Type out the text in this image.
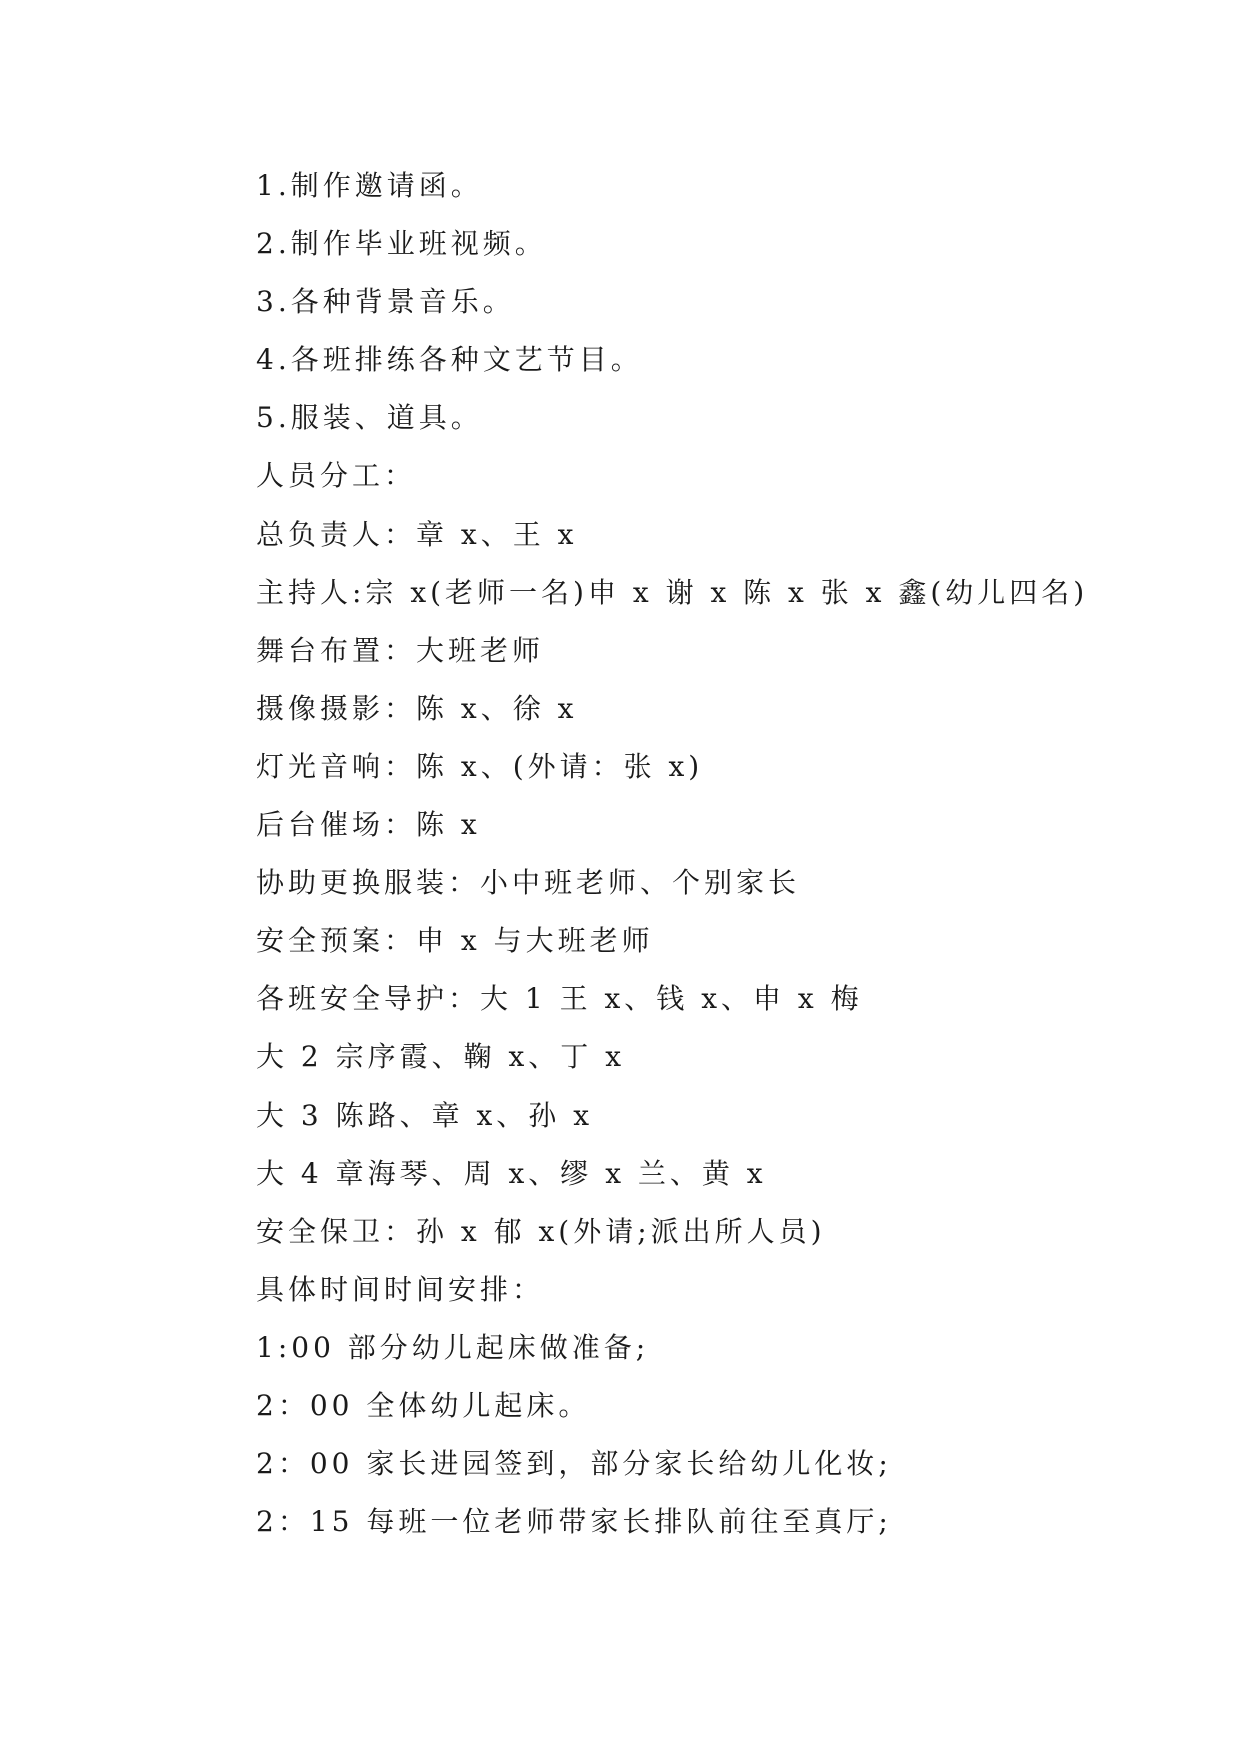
1.制作邀请函。

2.制作毕业班视频。

3.各种背景音乐。

4.各班排练各种文艺节目。

5.服装、道具。

人员分工：

总负责人：章 x、王 x

主持人:宗 x(老师一名)申 x 谢 x 陈 x 张 x 鑫(幼儿四名)

舞台布置：大班老师

摄像摄影：陈 x、徐 x

灯光音响：陈 x、(外请：张 x)

后台催场：陈 x

协助更换服装：小中班老师、个别家长

安全预案：申 x 与大班老师

各班安全导护：大 1 王 x、钱 x、申 x 梅

大 2 宗序霞、鞠 x、丁 x

大 3 陈路、章 x、孙 x

大 4 章海琴、周 x、缪 x 兰、黄 x

安全保卫：孙 x 郁 x(外请;派出所人员)

具体时间时间安排：

1:00 部分幼儿起床做准备;

2：00 全体幼儿起床。

2：00 家长进园签到，部分家长给幼儿化妆;

2：15 每班一位老师带家长排队前往至真厅;
